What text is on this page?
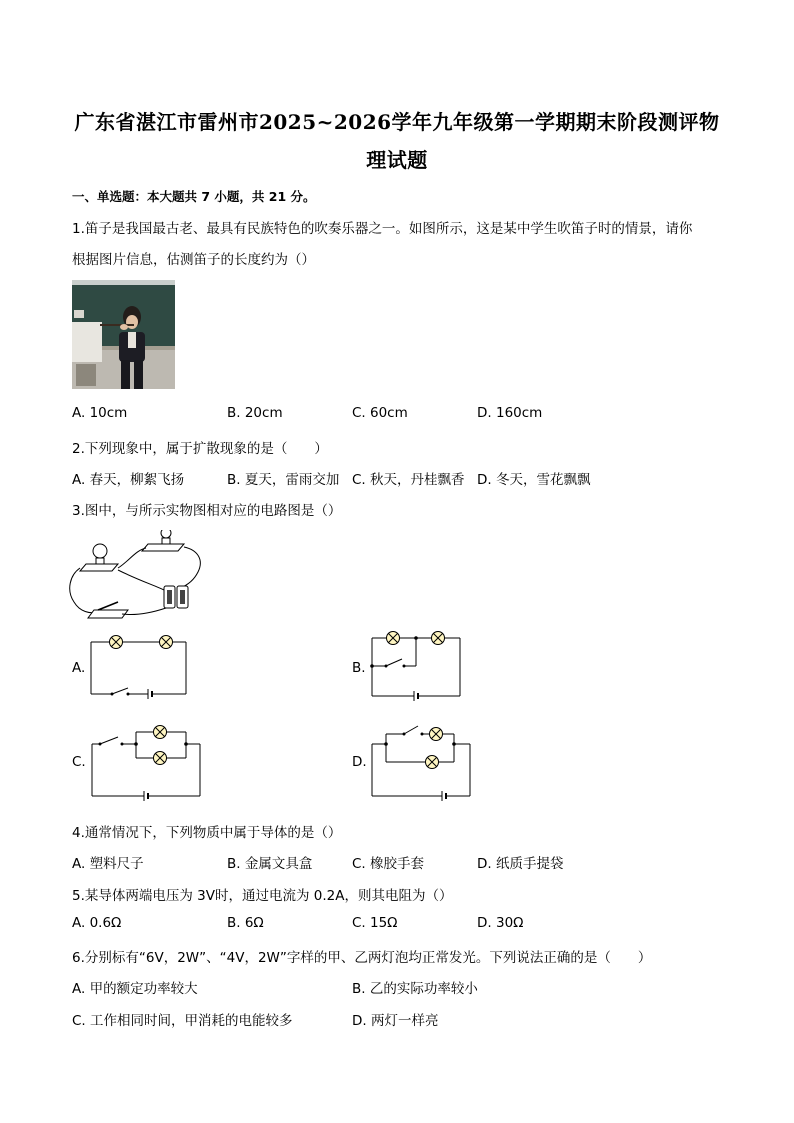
广东省湛江市雷州市2025~2026学年九年级第一学期期末阶段测评物
理试题
一、单选题：本大题共 7 小题，共 21 分。
1.笛子是我国最古老、最具有民族特色的吹奏乐器之一。如图所示，这是某中学生吹笛子时的情景，请你
根据图片信息，估测笛子的长度约为（）
A. 10cm	B. 20cm	C. 60cm	D. 160cm
2.下列现象中，属于扩散现象的是（　　）
A. 春天，柳絮飞扬	B. 夏天，雷雨交加 C. 秋天，丹桂飘香 D. 冬天，雪花飘飘
3.图中，与所示实物图相对应的电路图是（）
A.	B.
C.	D.
4.通常情况下，下列物质中属于导体的是（）
A. 塑料尺子	B. 金属文具盒	C. 橡胶手套	D. 纸质手提袋
5.某导体两端电压为 3V时，通过电流为 0.2A，则其电阻为（）
A. 0.6Ω	B. 6Ω	C. 15Ω	D. 30Ω
6.分别标有“6V，2W”、“4V，2W”字样的甲、乙两灯泡均正常发光。下列说法正确的是（　　）
A. 甲的额定功率较大	B. 乙的实际功率较小
C. 工作相同时间，甲消耗的电能较多	D. 两灯一样亮
